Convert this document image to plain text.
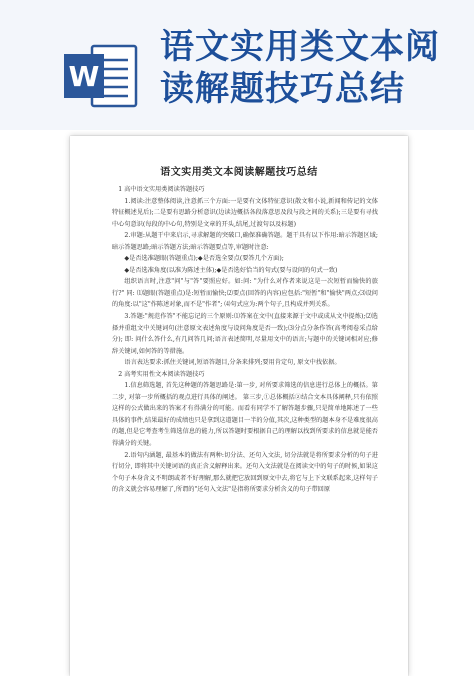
W
语文实用类文本阅
读解题技巧总结
语文实用类文本阅读解题技巧总结

1 高中语文实用类阅读答题技巧

1.阅读:注意整体阅读,注意抓三个方面:一是要有文体特征意识(散文和小说,新闻和传记的文体特征概述见后);二是要有思路分析意识(边读边概括各段落意思及段与段之间的关系);三是要有寻找中心句意识(每段的中心句,特别是文章的开头,结尾,过渡句以及标题)

2.审题:从题干中来启示,寻求解题的突破口,确保准确答题。题干具有以下作用:暗示答题区域;暗示答题思路;暗示答题方法;暗示答题要点等,审题时注意:

◆是否选准题眼(答题重点);◆是否选全要点(要答几个方面);

◆是否选准角度(以准为陈述主体);◆是否选好恰当的句式(要与设问的句式一致)

组织语言时,注意"问"与"答"要照应好。如:问: "为什么对作者来说这是一次短暂而愉快的旅行?" 同: ⑴题眼(答题重点)是:短暂而愉快;⑵要点(回答的内容)应包括:"短暂"和"愉快"两点;⑶设问的角度:以"这"作陈述对象,而不是"作者"; ⑷句式应为:两个句子,且构成并列关系。

3.答题:"规范作答"不能忘记的三个原则:⑴答案在文中(直接来源于文中或成从文中提炼);⑵选择并重组文中关键词句(注意原文表述角度与设问角度是否一致);⑶分点分条作答(高考阅卷采点给分); 即: 问什么答什么,有几问答几问;语言表述简明,尽量用文中的语言;与题中的关键词相对应;修辞关键词,如何答的等措施。

语言表达要求:抓住关键词,短语答题目,分条来排列;要用肯定句, 原文中找依据。

2 高考实用性文本阅读答题技巧

1.信息筛选题, 首先这种题的答题思路是:第一步, 对所要求筛选的信息进行总体上的概括。第二步, 对第一步所概括的观点进行具体的阐述。 第三步,①总体概括②结合文本具体阐释,只有依照这样的公式做出来的答案才有得满分的可能。而看有同学不了解答题步骤,只是简单地陈述了一些具体的事件,结果最好的成绩也只是拿到这道题目一半的分值,其次,这种类型的题本身不是难度很高的题,但是它考查考生筛选信息的能力,所以答题时要根据自己的理解以找到所要求的信息就是能否得满分的关键。

2.语句内涵题, 最基本的做法有两种:切分法、还句入文法, 切分法就是将所要求分析的句子进行切分, 即将其中关键词语的真正含义解释出来。还句入文法就是在阅读文中的句子的时候,如果这个句子本身含义不明朗或者不好理解,那么就把它放回到原文中去,将它与上下文联系起来,这样句子的含义就会容易理解了,所谓的"还句入文法"是指将所要求分析含义的句子带回原
